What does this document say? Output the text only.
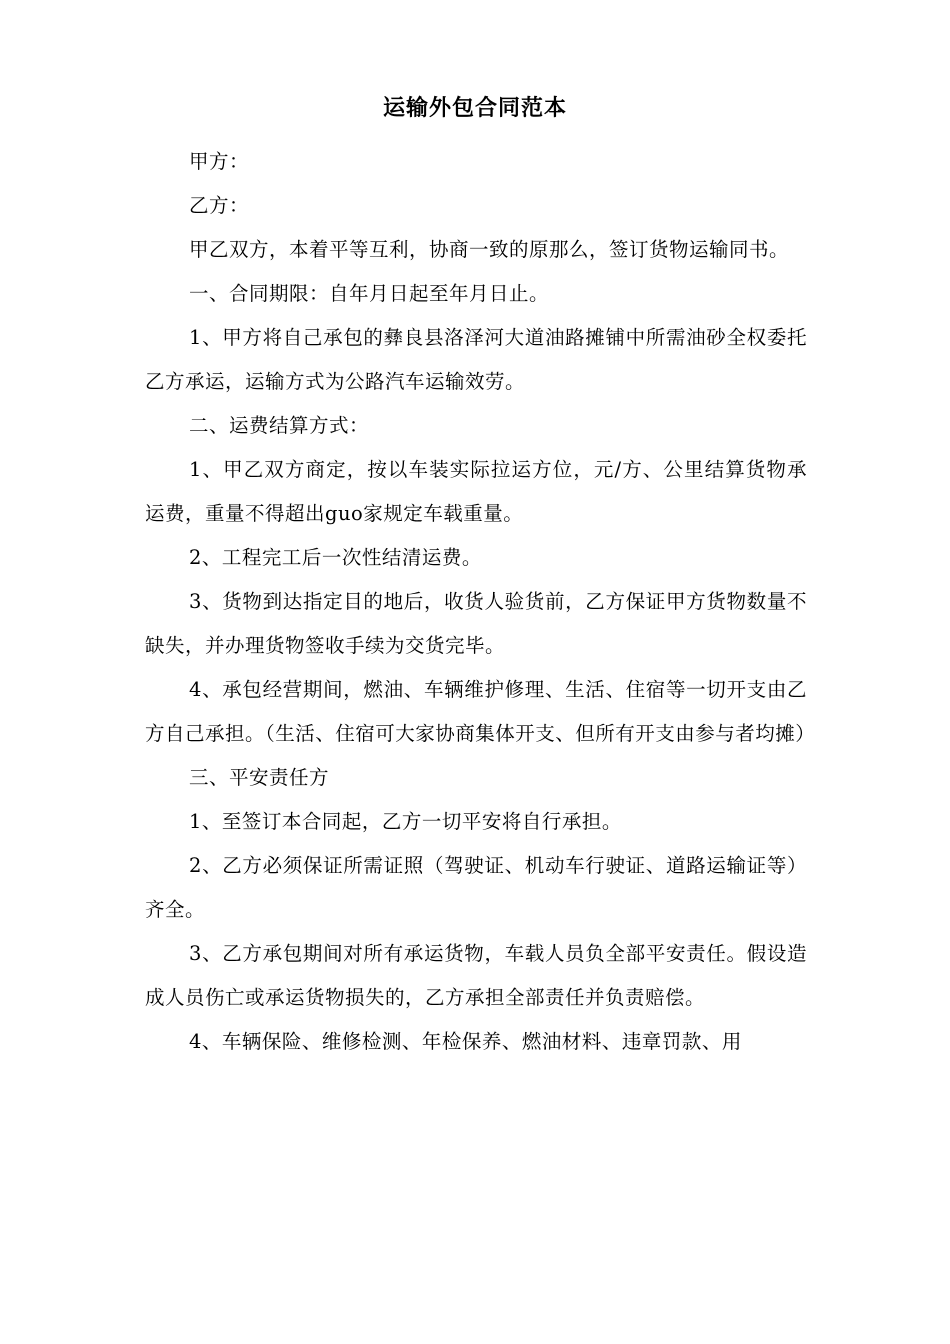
运输外包合同范本

甲方：

乙方：

甲乙双方，本着平等互利，协商一致的原那么，签订货物运输同书。

一、合同期限：自年月日起至年月日止。

1、甲方将自己承包的彝良县洛泽河大道油路摊铺中所需油砂全权委托乙方承运，运输方式为公路汽车运输效劳。

二、运费结算方式：

1、甲乙双方商定，按以车装实际拉运方位，元/方、公里结算货物承运费，重量不得超出guo家规定车载重量。

2、工程完工后一次性结清运费。

3、货物到达指定目的地后，收货人验货前，乙方保证甲方货物数量不缺失，并办理货物签收手续为交货完毕。

4、承包经营期间，燃油、车辆维护修理、生活、住宿等一切开支由乙方自己承担。（生活、住宿可大家协商集体开支、但所有开支由参与者均摊）

三、平安责任方

1、至签订本合同起，乙方一切平安将自行承担。

2、乙方必须保证所需证照（驾驶证、机动车行驶证、道路运输证等）齐全。

3、乙方承包期间对所有承运货物，车载人员负全部平安责任。假设造成人员伤亡或承运货物损失的，乙方承担全部责任并负责赔偿。

4、车辆保险、维修检测、年检保养、燃油材料、违章罚款、用
